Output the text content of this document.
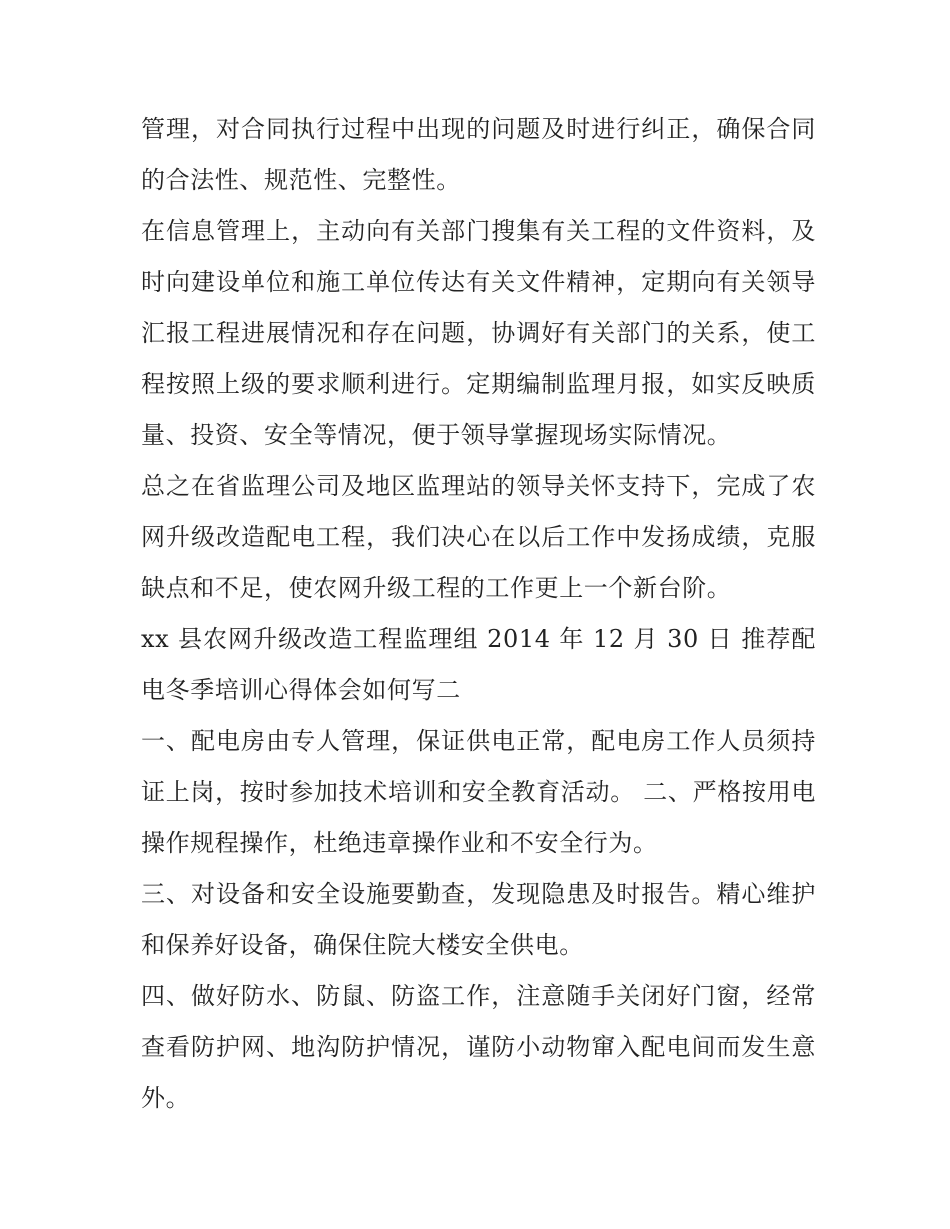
管理，对合同执行过程中出现的问题及时进行纠正，确保合同的合法性、规范性、完整性。

在信息管理上，主动向有关部门搜集有关工程的文件资料，及时向建设单位和施工单位传达有关文件精神，定期向有关领导汇报工程进展情况和存在问题，协调好有关部门的关系，使工程按照上级的要求顺利进行。定期编制监理月报，如实反映质量、投资、安全等情况，便于领导掌握现场实际情况。

总之在省监理公司及地区监理站的领导关怀支持下，完成了农网升级改造配电工程，我们决心在以后工作中发扬成绩，克服缺点和不足，使农网升级工程的工作更上一个新台阶。

xx 县农网升级改造工程监理组 2014 年 12 月 30 日 推荐配电冬季培训心得体会如何写二

一、配电房由专人管理，保证供电正常，配电房工作人员须持证上岗，按时参加技术培训和安全教育活动。 二、严格按用电操作规程操作，杜绝违章操作业和不安全行为。

三、对设备和安全设施要勤查，发现隐患及时报告。精心维护和保养好设备，确保住院大楼安全供电。

四、做好防水、防鼠、防盗工作，注意随手关闭好门窗，经常查看防护网、地沟防护情况，谨防小动物窜入配电间而发生意外。
